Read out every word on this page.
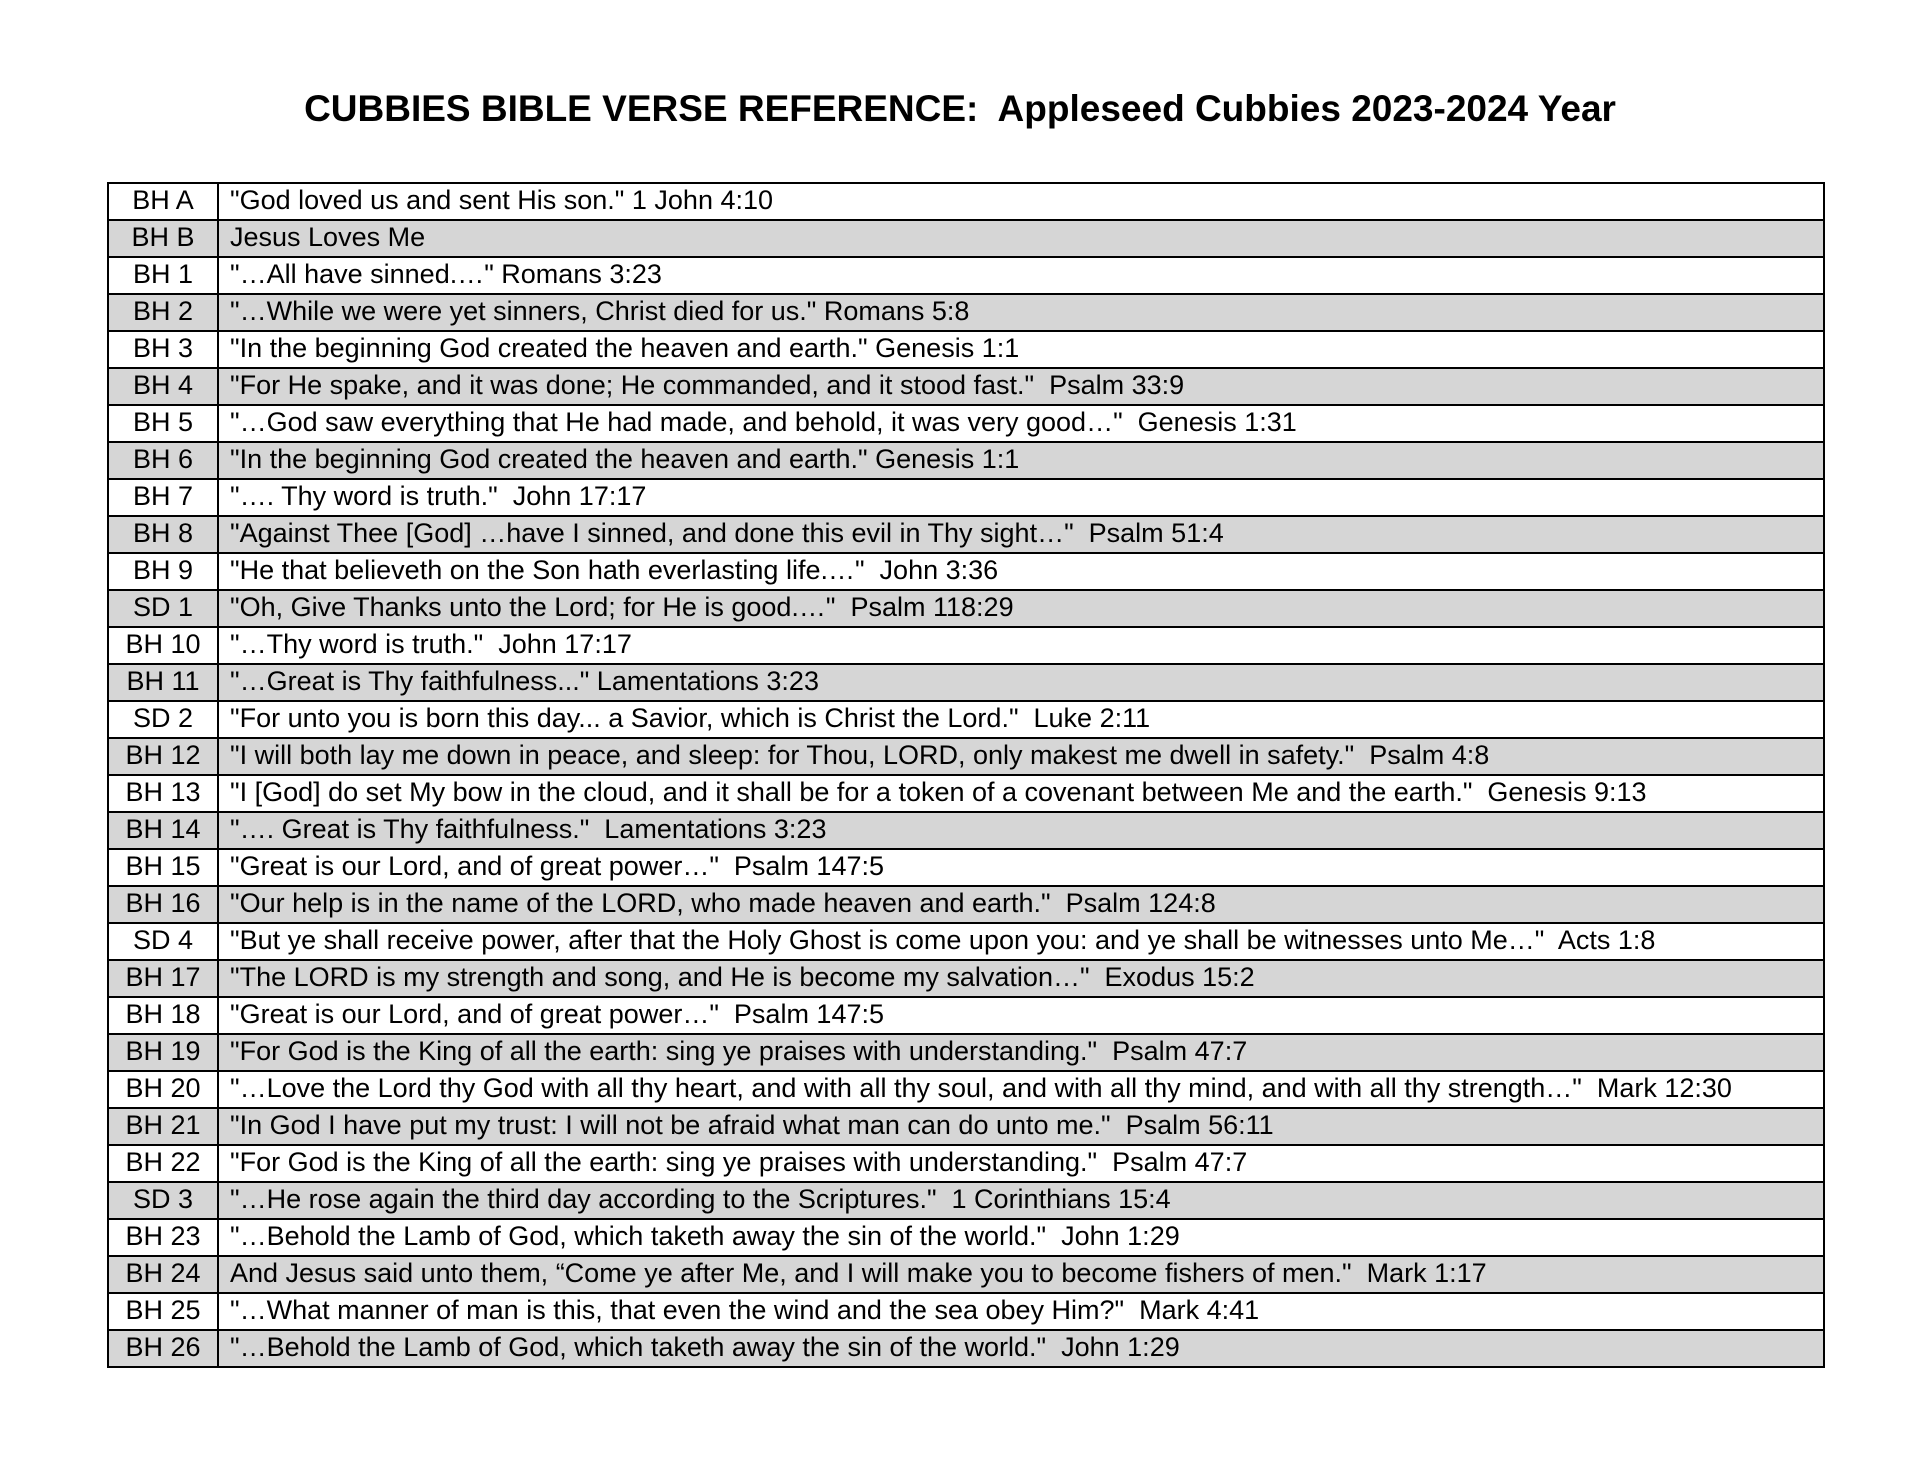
CUBBIES BIBLE VERSE REFERENCE:  Appleseed Cubbies 2023-2024 Year
BH A	"God loved us and sent His son." 1 John 4:10
BH B	Jesus Loves Me
BH 1	"…All have sinned.…" Romans 3:23
BH 2	"…While we were yet sinners, Christ died for us." Romans 5:8
BH 3	"In the beginning God created the heaven and earth." Genesis 1:1
BH 4	"For He spake, and it was done; He commanded, and it stood fast."  Psalm 33:9
BH 5	"…God saw everything that He had made, and behold, it was very good…"  Genesis 1:31
BH 6	"In the beginning God created the heaven and earth." Genesis 1:1
BH 7	"…. Thy word is truth."  John 17:17
BH 8	"Against Thee [God] …have I sinned, and done this evil in Thy sight…"  Psalm 51:4
BH 9	"He that believeth on the Son hath everlasting life.…"  John 3:36
SD 1	"Oh, Give Thanks unto the Lord; for He is good.…"  Psalm 118:29
BH 10	"…Thy word is truth."  John 17:17
BH 11	"…Great is Thy faithfulness..." Lamentations 3:23
SD 2	"For unto you is born this day... a Savior, which is Christ the Lord."  Luke 2:11
BH 12	"I will both lay me down in peace, and sleep: for Thou, LORD, only makest me dwell in safety."  Psalm 4:8
BH 13	"I [God] do set My bow in the cloud, and it shall be for a token of a covenant between Me and the earth."  Genesis 9:13
BH 14	"…. Great is Thy faithfulness."  Lamentations 3:23
BH 15	"Great is our Lord, and of great power…"  Psalm 147:5
BH 16	"Our help is in the name of the LORD, who made heaven and earth."  Psalm 124:8
SD 4	"But ye shall receive power, after that the Holy Ghost is come upon you: and ye shall be witnesses unto Me…"  Acts 1:8
BH 17	"The LORD is my strength and song, and He is become my salvation…"  Exodus 15:2
BH 18	"Great is our Lord, and of great power…"  Psalm 147:5
BH 19	"For God is the King of all the earth: sing ye praises with understanding."  Psalm 47:7
BH 20	"…Love the Lord thy God with all thy heart, and with all thy soul, and with all thy mind, and with all thy strength…"  Mark 12:30
BH 21	"In God I have put my trust: I will not be afraid what man can do unto me."  Psalm 56:11
BH 22	"For God is the King of all the earth: sing ye praises with understanding."  Psalm 47:7
SD 3	"…He rose again the third day according to the Scriptures."  1 Corinthians 15:4
BH 23	"…Behold the Lamb of God, which taketh away the sin of the world."  John 1:29
BH 24	And Jesus said unto them, “Come ye after Me, and I will make you to become fishers of men."  Mark 1:17
BH 25	"…What manner of man is this, that even the wind and the sea obey Him?"  Mark 4:41
BH 26	"…Behold the Lamb of God, which taketh away the sin of the world."  John 1:29
